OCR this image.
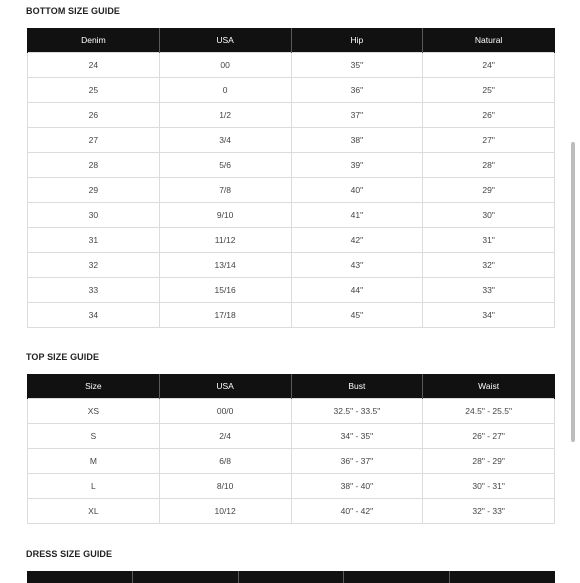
BOTTOM SIZE GUIDE
Denim	USA	Hip	Natural
24	00	35"	24"
25	0	36"	25"
26	1/2	37"	26"
27	3/4	38"	27"
28	5/6	39"	28"
29	7/8	40"	29"
30	9/10	41"	30"
31	11/12	42"	31"
32	13/14	43"	32"
33	15/16	44"	33"
34	17/18	45"	34"
TOP SIZE GUIDE
Size	USA	Bust	Waist
XS	00/0	32.5" - 33.5"	24.5" - 25.5"
S	2/4	34" - 35"	26" - 27"
M	6/8	36" - 37"	28" - 29"
L	8/10	38" - 40"	30" - 31"
XL	10/12	40" - 42"	32" - 33"
DRESS SIZE GUIDE
